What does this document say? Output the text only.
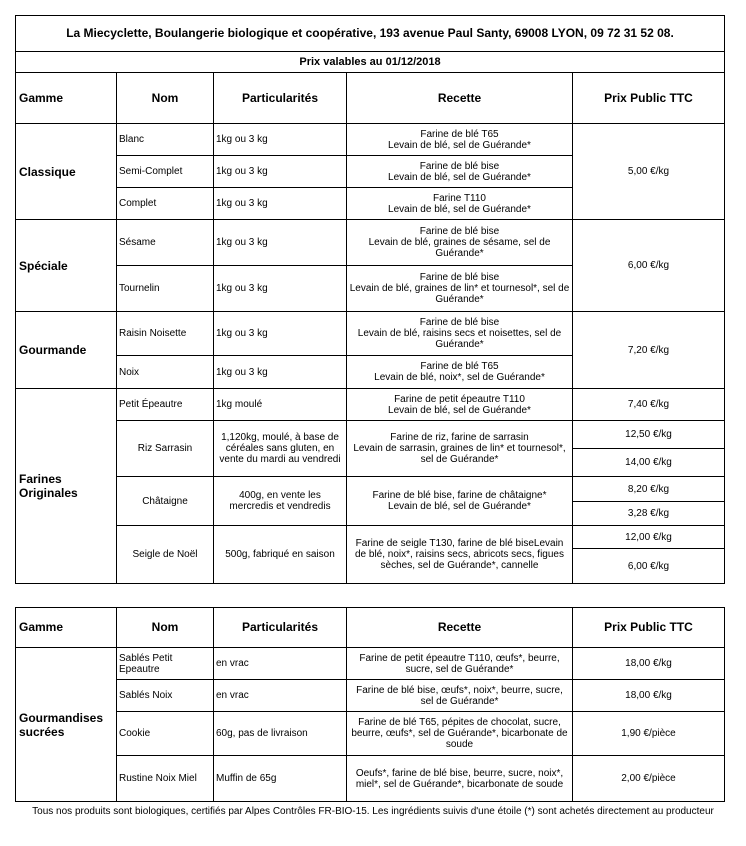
La Miecyclette, Boulangerie biologique et coopérative, 193 avenue Paul Santy, 69008 LYON, 09 72 31 52 08.				
Prix valables au 01/12/2018				
Gamme	Nom	Particularités	Recette	Prix Public TTC
Classique	Blanc	1kg ou 3 kg	Farine de blé T65
Levain de blé, sel de Guérande*	5,00 €/kg
	Semi-Complet	1kg ou 3 kg	Farine de blé bise
Levain de blé, sel de Guérande*	
	Complet	1kg ou 3 kg	Farine T110
Levain de blé, sel de Guérande*	
Spéciale	Sésame	1kg ou 3 kg	Farine de blé bise
Levain de blé, graines de sésame, sel de Guérande*	6,00 €/kg
	Tournelin	1kg ou 3 kg	Farine de blé bise
Levain de blé, graines de lin* et tournesol*, sel de Guérande*	
Gourmande	Raisin Noisette	1kg ou 3 kg	Farine de blé bise
Levain de blé, raisins secs et noisettes, sel de Guérande*	7,20 €/kg
	Noix	1kg ou 3 kg	Farine de blé T65
Levain de blé, noix*, sel de Guérande*	
Farines Originales	Petit Épeautre	1kg moulé	Farine de petit épeautre T110
Levain de blé, sel de Guérande*	7,40 €/kg
	Riz Sarrasin	1,120kg, moulé, à base de céréales sans gluten, en vente du mardi au vendredi	Farine de riz, farine de sarrasin
Levain de sarrasin, graines de lin* et tournesol*, sel de Guérande*	12,50 €/kg
				14,00 €/kg
	Châtaigne	400g, en vente les mercredis et vendredis	Farine de blé bise, farine de châtaigne*
Levain de blé, sel de Guérande*	8,20 €/kg
				3,28 €/kg
	Seigle de Noël	500g, fabriqué en saison	Farine de seigle T130, farine de blé biseLevain de blé, noix*, raisins secs, abricots secs, figues sèches, sel de Guérande*, cannelle	12,00 €/kg
				6,00 €/kg
Gamme	Nom	Particularités	Recette	Prix Public TTC
Gourmandises sucrées	Sablés Petit Epeautre	en vrac	Farine de petit épeautre T110, œufs*, beurre, sucre, sel de Guérande*	18,00 €/kg
	Sablés Noix	en vrac	Farine de blé bise, œufs*, noix*, beurre, sucre, sel de Guérande*	18,00 €/kg
	Cookie	60g, pas de livraison	Farine de blé T65, pépites de chocolat, sucre, beurre, œufs*, sel de Guérande*, bicarbonate de soude	1,90 €/pièce
	Rustine Noix Miel	Muffin de 65g	Oeufs*, farine de blé bise, beurre, sucre, noix*, miel*, sel de Guérande*, bicarbonate de soude	2,00 €/pièce
Tous nos produits sont biologiques, certifiés par Alpes Contrôles FR-BIO-15. Les ingrédients suivis d'une étoile (*) sont achetés directement au producteur
